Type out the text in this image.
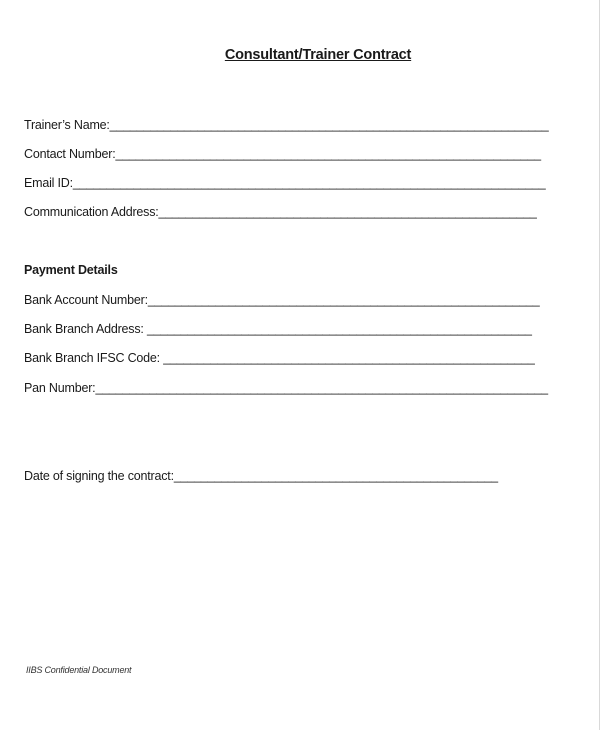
Consultant/Trainer Contract
Trainer’s Name:_________________________________________________________________
Contact Number:_______________________________________________________________
Email ID:______________________________________________________________________
Communication Address:________________________________________________________
Payment Details
Bank Account Number:__________________________________________________________
Bank Branch Address: _________________________________________________________
Bank Branch IFSC Code: _______________________________________________________
Pan Number:___________________________________________________________________
Date of signing the contract:________________________________________________
IIBS Confidential Document
